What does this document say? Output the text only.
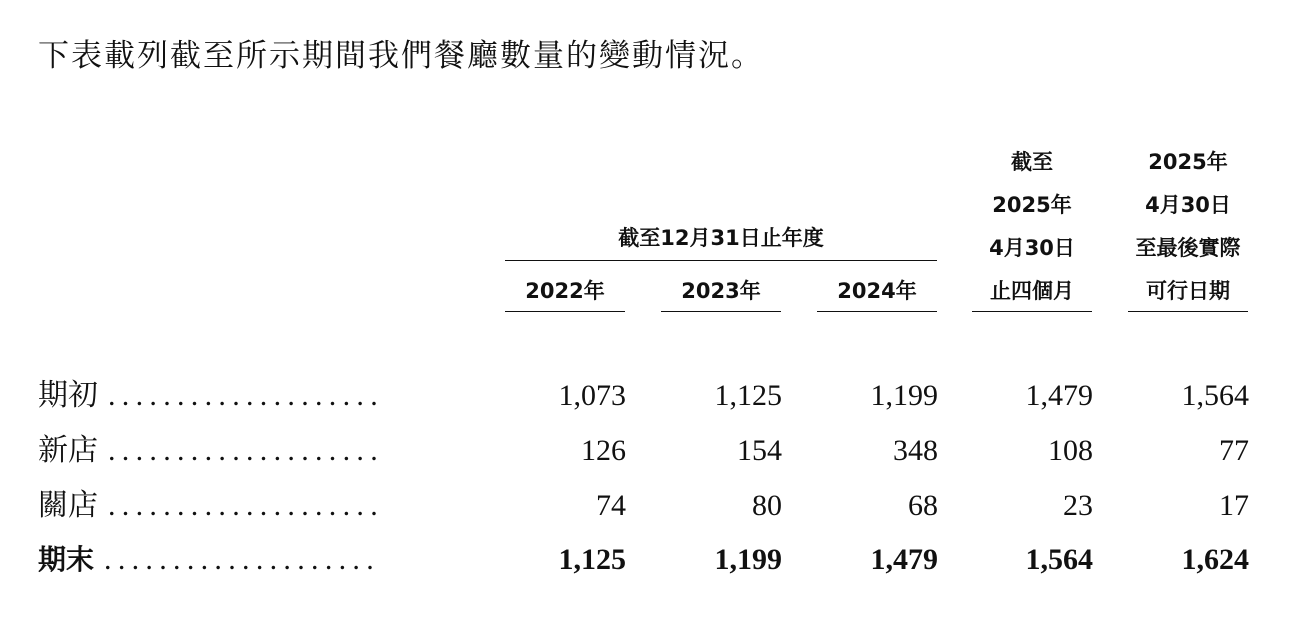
下表載列截至所示期間我們餐廳數量的變動情況。
截至12月31日止年度
2022年	2023年	2024年
截至
2025年
4月30日
止四個月
2025年
4月30日
至最後實際
可行日期
期初 ....................	1,073	1,125	1,199	1,479	1,564
新店 ....................	126	154	348	108	77
關店 ....................	74	80	68	23	17
期末 ....................	1,125	1,199	1,479	1,564	1,624
